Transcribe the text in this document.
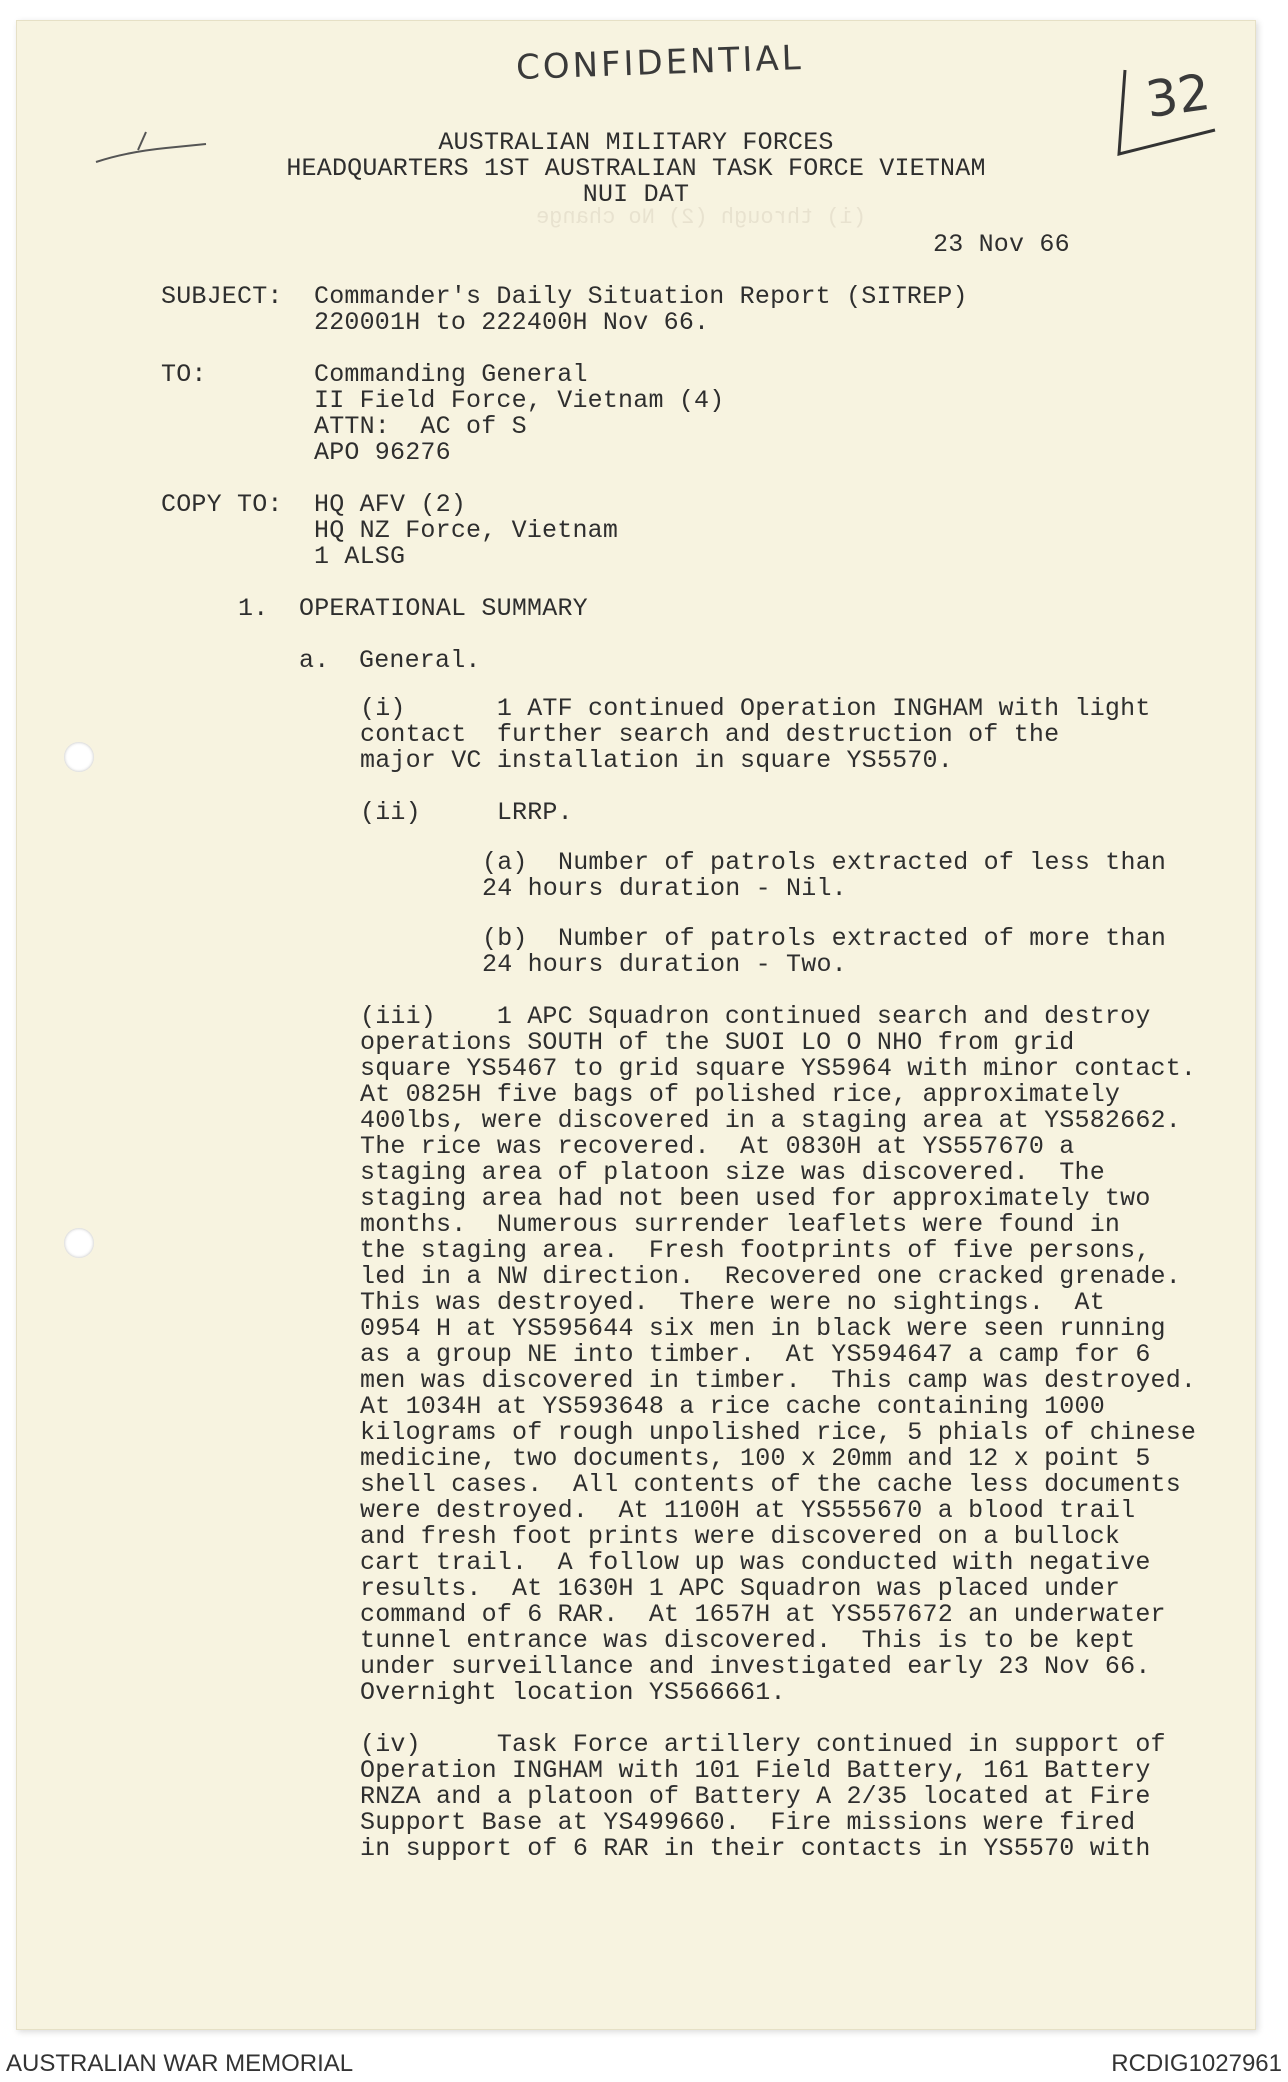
CONFIDENTIAL	32
AUSTRALIAN MILITARY FORCES
HEADQUARTERS 1ST AUSTRALIAN TASK FORCE VIETNAM
NUI DAT
23 Nov 66
(i) through (2) No change
SUBJECT: Commander's Daily Situation Report (SITREP)
220001H to 222400H Nov 66.
TO:	Commanding General
II Field Force, Vietnam (4)
ATTN:  AC of S
APO 96276
COPY TO: HQ AFV (2)
HQ NZ Force, Vietnam
1 ALSG
1. OPERATIONAL SUMMARY
a. General.
(i)      1 ATF continued Operation INGHAM with light
contact  further search and destruction of the
major VC installation in square YS5570.
(ii)     LRRP.
(a)  Number of patrols extracted of less than
24 hours duration - Nil.
(b)  Number of patrols extracted of more than
24 hours duration - Two.
(iii)    1 APC Squadron continued search and destroy
operations SOUTH of the SUOI LO O NHO from grid
square YS5467 to grid square YS5964 with minor contact.
At 0825H five bags of polished rice, approximately
400lbs, were discovered in a staging area at YS582662.
The rice was recovered.  At 0830H at YS557670 a
staging area of platoon size was discovered.  The
staging area had not been used for approximately two
months.  Numerous surrender leaflets were found in
the staging area.  Fresh footprints of five persons,
led in a NW direction.  Recovered one cracked grenade.
This was destroyed.  There were no sightings.  At
0954 H at YS595644 six men in black were seen running
as a group NE into timber.  At YS594647 a camp for 6
men was discovered in timber.  This camp was destroyed.
At 1034H at YS593648 a rice cache containing 1000
kilograms of rough unpolished rice, 5 phials of chinese
medicine, two documents, 100 x 20mm and 12 x point 5
shell cases.  All contents of the cache less documents
were destroyed.  At 1100H at YS555670 a blood trail
and fresh foot prints were discovered on a bullock
cart trail.  A follow up was conducted with negative
results.  At 1630H 1 APC Squadron was placed under
command of 6 RAR.  At 1657H at YS557672 an underwater
tunnel entrance was discovered.  This is to be kept
under surveillance and investigated early 23 Nov 66.
Overnight location YS566661.
(iv)     Task Force artillery continued in support of
Operation INGHAM with 101 Field Battery, 161 Battery
RNZA and a platoon of Battery A 2/35 located at Fire
Support Base at YS499660.  Fire missions were fired
in support of 6 RAR in their contacts in YS5570 with
AUSTRALIAN WAR MEMORIAL	RCDIG1027961
